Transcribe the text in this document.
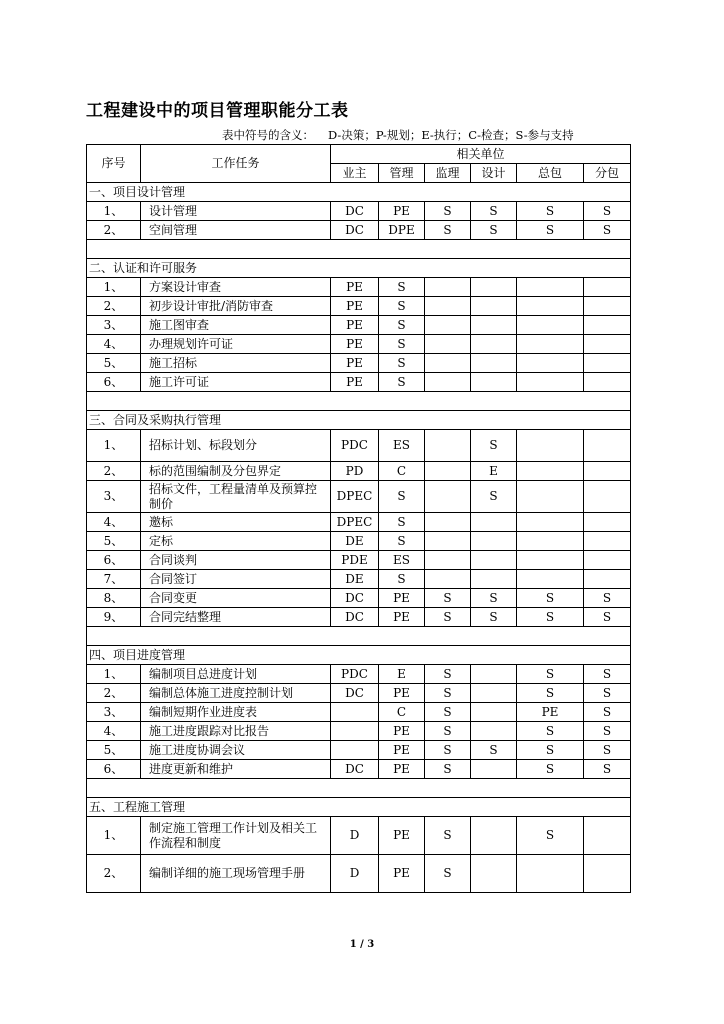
工程建设中的项目管理职能分工表
表中符号的含义： D-决策；P-规划；E-执行；C-检查；S-参与支持
序号	工作任务	相关单位					
		业主	管理	监理	设计	总包	分包
一、项目设计管理							
1、	设计管理	DC	PE	S	S	S	S
2、	空间管理	DC	DPE	S	S	S	S

二、认证和许可服务							
1、	方案设计审查	PE	S				
2、	初步设计审批/消防审查	PE	S				
3、	施工图审查	PE	S				
4、	办理规划许可证	PE	S				
5、	施工招标	PE	S				
6、	施工许可证	PE	S				

三、合同及采购执行管理							
1、	招标计划、标段划分	PDC	ES		S		
2、	标的范围编制及分包界定	PD	C		E		
3、	招标文件，工程量清单及预算控制价	DPEC	S		S		
4、	邀标	DPEC	S				
5、	定标	DE	S				
6、	合同谈判	PDE	ES				
7、	合同签订	DE	S				
8、	合同变更	DC	PE	S	S	S	S
9、	合同完结整理	DC	PE	S	S	S	S

四、项目进度管理							
1、	编制项目总进度计划	PDC	E	S		S	S
2、	编制总体施工进度控制计划	DC	PE	S		S	S
3、	编制短期作业进度表		C	S		PE	S
4、	施工进度跟踪对比报告		PE	S		S	S
5、	施工进度协调会议		PE	S	S	S	S
6、	进度更新和维护	DC	PE	S		S	S

五、工程施工管理							
1、	制定施工管理工作计划及相关工作流程和制度	D	PE	S		S	
2、	编制详细的施工现场管理手册	D	PE	S			
1 / 3
